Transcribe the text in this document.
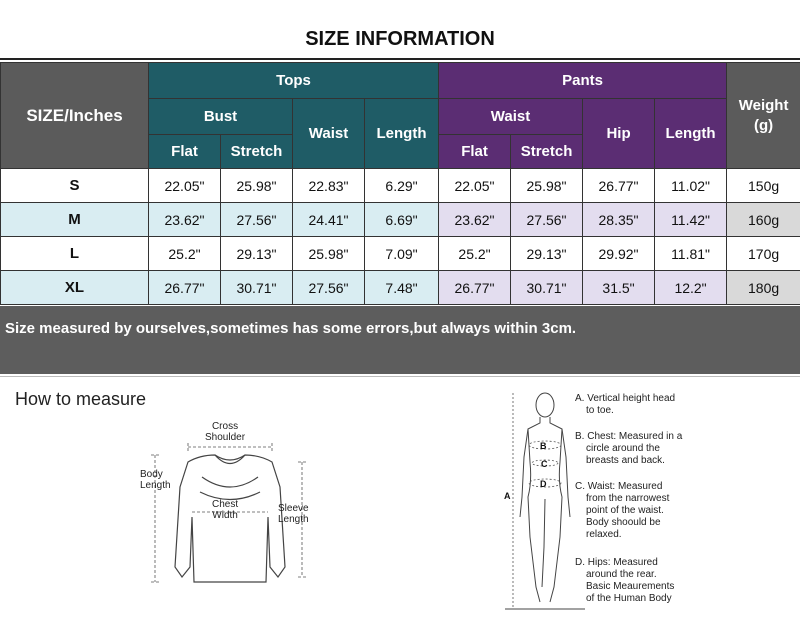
SIZE INFORMATION
SIZE/Inches	Tops				Pants				Weight
(g)
	Bust		Waist	Length	Waist		Hip	Length	
	Flat	Stretch			Flat	Stretch			
S	22.05"	25.98"	22.83"	6.29"	22.05"	25.98"	26.77"	11.02"	150g
M	23.62"	27.56"	24.41"	6.69"	23.62"	27.56"	28.35"	11.42"	160g
L	25.2"	29.13"	25.98"	7.09"	25.2"	29.13"	29.92"	11.81"	170g
XL	26.77"	30.71"	27.56"	7.48"	26.77"	30.71"	31.5"	12.2"	180g
Size measured by ourselves,sometimes has some errors,but always within 3cm.
How to measure
Cross
Shoulder
Body
Length
Chest
Width
Sleeve
Length
B
C
D
A
A. Vertical height head
to toe.
B. Chest: Measured in a
circle around the
breasts and back.
C. Waist: Measured
from the narrowest
point of the waist.
Body shoould be
relaxed.
D. Hips: Measured
around the rear.
Basic Meaurements
of the Human Body
